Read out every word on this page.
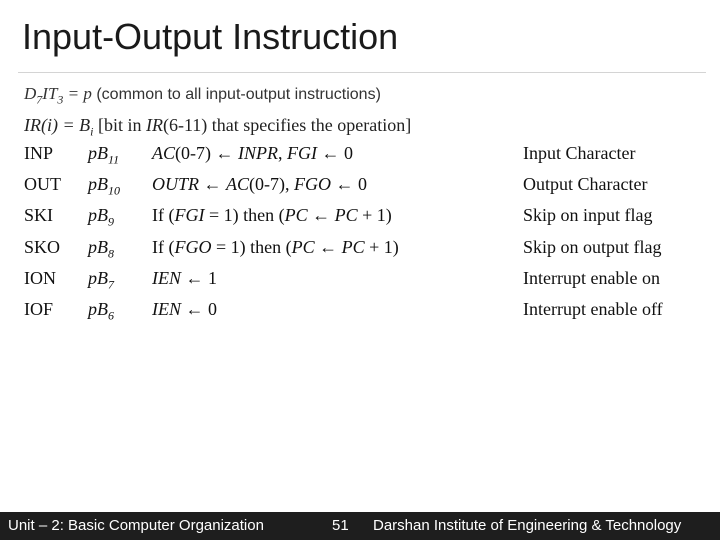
Input-Output Instruction
$D_7IT_3 = p$ (common to all input-output instructions)
$IR(i) = B_i$ [bit in IR(6-11) that specifies the operation]
INP $pB_{11}$ AC(0-7) ← INPR, FGI ← 0	Input Character
OUT $pB_{10}$ OUTR ← AC(0-7), FGO ← 0	Output Character
SKI $pB_9$ If (FGI = 1) then (PC ← PC + 1)	Skip on input flag
SKO $pB_8$ If (FGO = 1) then (PC ← PC + 1)	Skip on output flag
ION $pB_7$ IEN ← 1	Interrupt enable on
IOF $pB_6$ IEN ← 0	Interrupt enable off
Unit – 2: Basic Computer Organization	51 Darshan Institute of Engineering & Technology
